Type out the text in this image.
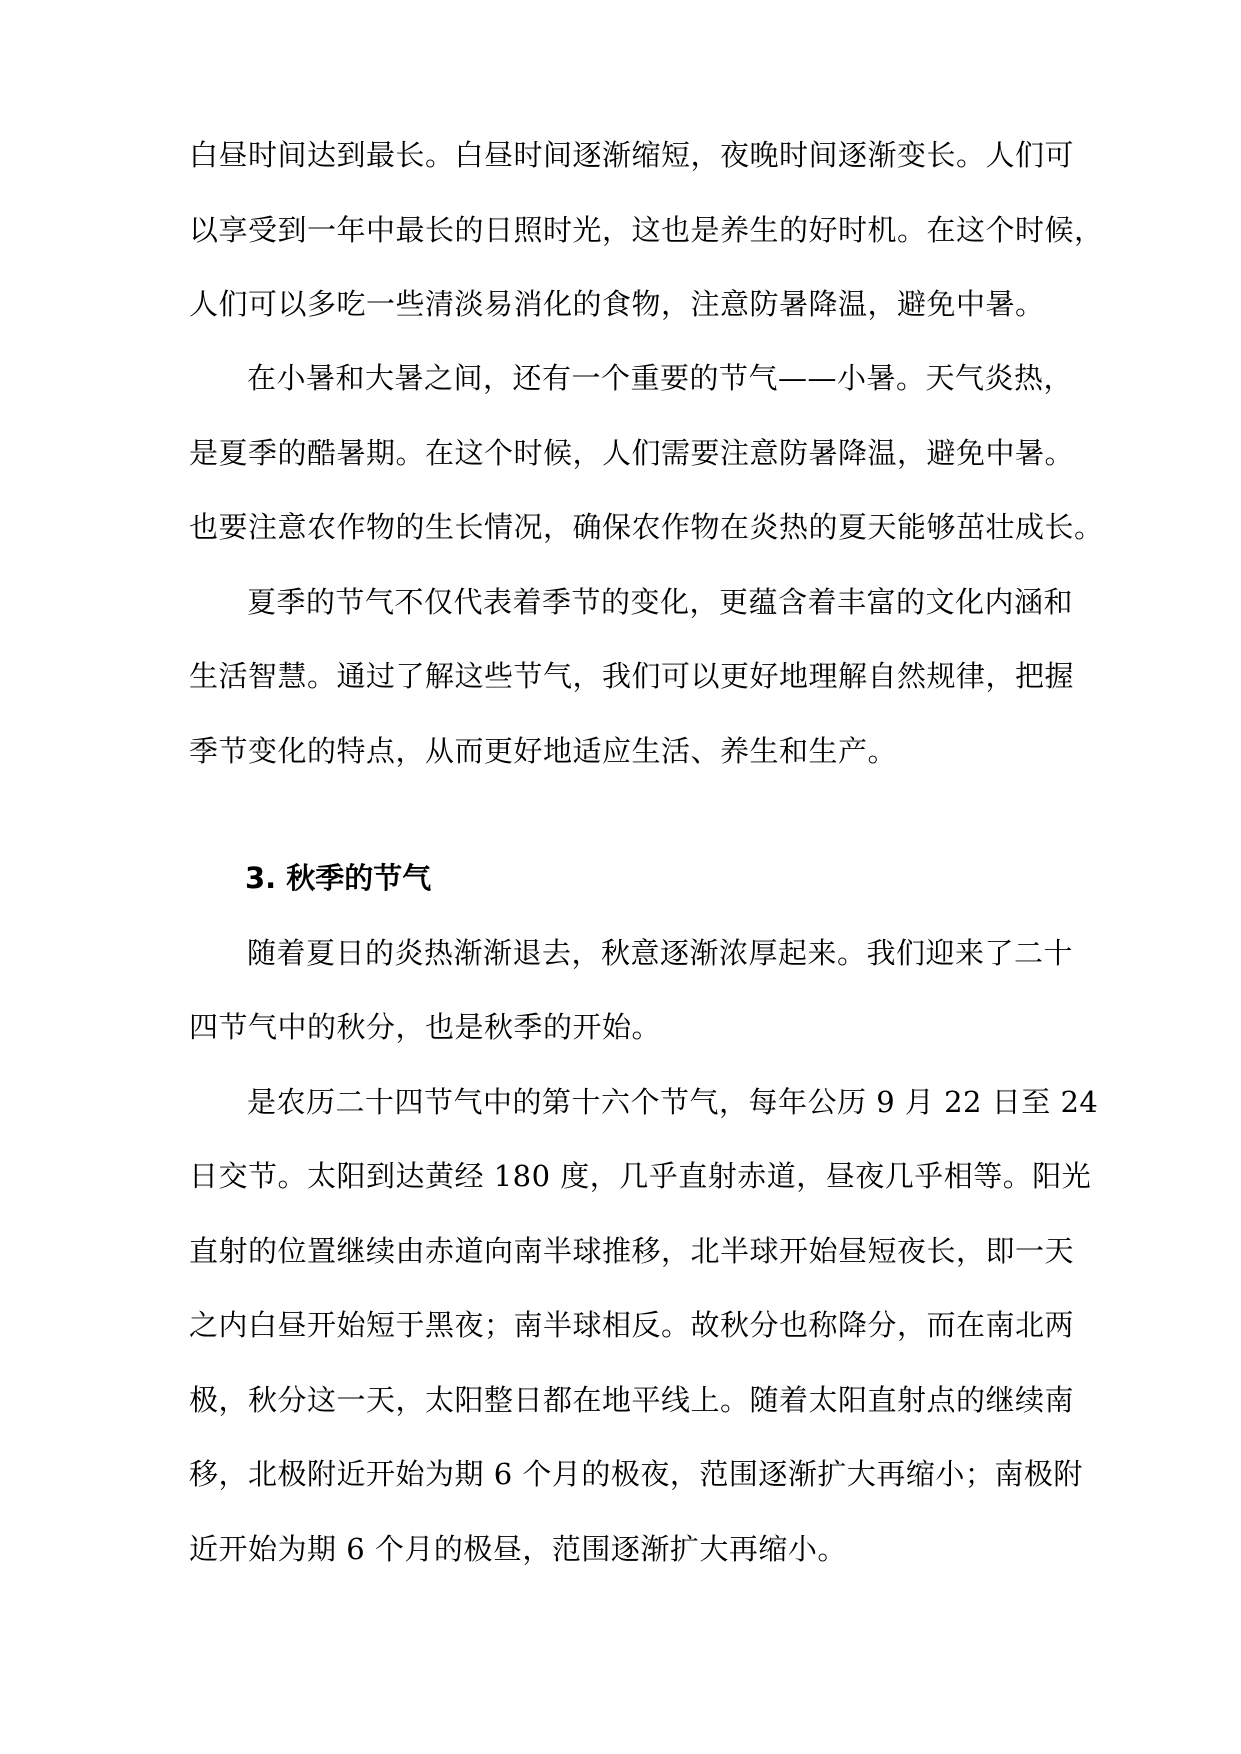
白昼时间达到最长。白昼时间逐渐缩短，夜晚时间逐渐变长。人们可
以享受到一年中最长的日照时光，这也是养生的好时机。在这个时候，
人们可以多吃一些清淡易消化的食物，注意防暑降温，避免中暑。
在小暑和大暑之间，还有一个重要的节气——小暑。天气炎热，
是夏季的酷暑期。在这个时候，人们需要注意防暑降温，避免中暑。
也要注意农作物的生长情况，确保农作物在炎热的夏天能够茁壮成长。
夏季的节气不仅代表着季节的变化，更蕴含着丰富的文化内涵和
生活智慧。通过了解这些节气，我们可以更好地理解自然规律，把握
季节变化的特点，从而更好地适应生活、养生和生产。
3. 秋季的节气
随着夏日的炎热渐渐退去，秋意逐渐浓厚起来。我们迎来了二十
四节气中的秋分，也是秋季的开始。
是农历二十四节气中的第十六个节气，每年公历 9 月 22 日至 24
日交节。太阳到达黄经 180 度，几乎直射赤道，昼夜几乎相等。阳光
直射的位置继续由赤道向南半球推移，北半球开始昼短夜长，即一天
之内白昼开始短于黑夜；南半球相反。故秋分也称降分，而在南北两
极，秋分这一天，太阳整日都在地平线上。随着太阳直射点的继续南
移，北极附近开始为期 6 个月的极夜，范围逐渐扩大再缩小；南极附
近开始为期 6 个月的极昼，范围逐渐扩大再缩小。
